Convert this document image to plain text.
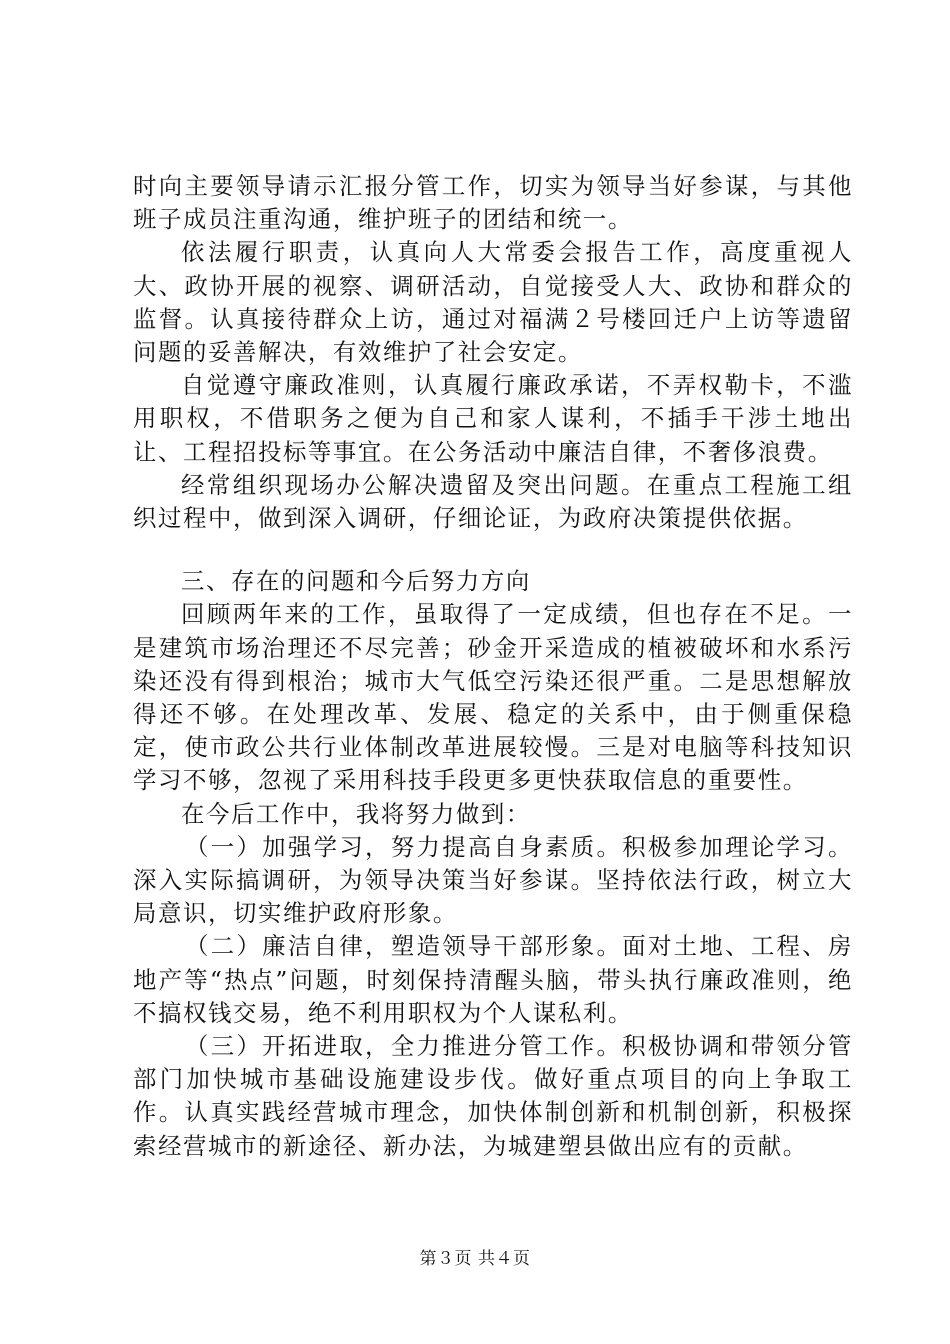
时向主要领导请示汇报分管工作，切实为领导当好参谋，与其他班子成员注重沟通，维护班子的团结和统一。

依法履行职责，认真向人大常委会报告工作，高度重视人大、政协开展的视察、调研活动，自觉接受人大、政协和群众的监督。认真接待群众上访，通过对福满２号楼回迁户上访等遗留问题的妥善解决，有效维护了社会安定。

自觉遵守廉政准则，认真履行廉政承诺，不弄权勒卡，不滥用职权，不借职务之便为自己和家人谋利，不插手干涉土地出让、工程招投标等事宜。在公务活动中廉洁自律，不奢侈浪费。

经常组织现场办公解决遗留及突出问题。在重点工程施工组织过程中，做到深入调研，仔细论证，为政府决策提供依据。

三、存在的问题和今后努力方向

回顾两年来的工作，虽取得了一定成绩，但也存在不足。一是建筑市场治理还不尽完善；砂金开采造成的植被破坏和水系污染还没有得到根治；城市大气低空污染还很严重。二是思想解放得还不够。在处理改革、发展、稳定的关系中，由于侧重保稳定，使市政公共行业体制改革进展较慢。三是对电脑等科技知识学习不够，忽视了采用科技手段更多更快获取信息的重要性。

在今后工作中，我将努力做到：

（一）加强学习，努力提高自身素质。积极参加理论学习。深入实际搞调研，为领导决策当好参谋。坚持依法行政，树立大局意识，切实维护政府形象。

（二）廉洁自律，塑造领导干部形象。面对土地、工程、房地产等“热点”问题，时刻保持清醒头脑，带头执行廉政准则，绝不搞权钱交易，绝不利用职权为个人谋私利。

（三）开拓进取，全力推进分管工作。积极协调和带领分管部门加快城市基础设施建设步伐。做好重点项目的向上争取工作。认真实践经营城市理念，加快体制创新和机制创新，积极探索经营城市的新途径、新办法，为城建塑县做出应有的贡献。

第３页 共４页
